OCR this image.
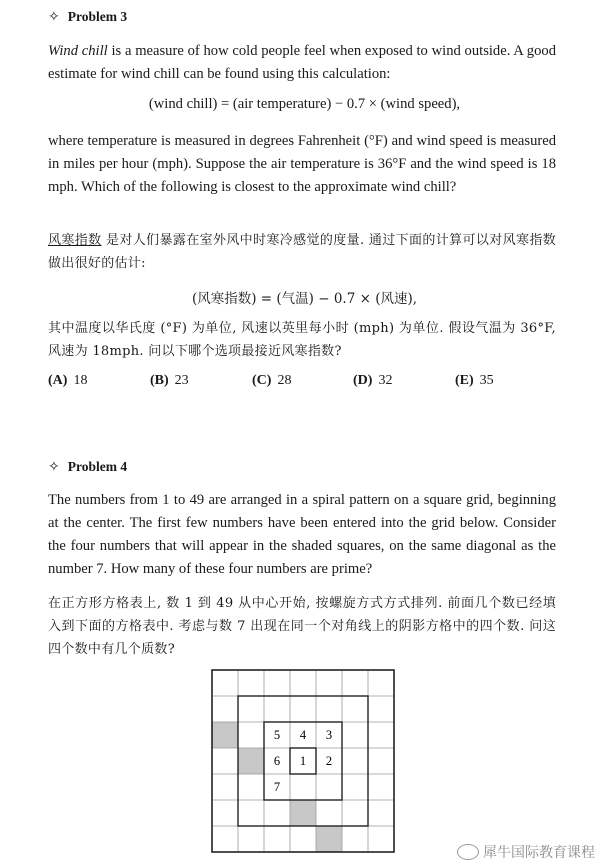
✧ Problem 3
Wind chill is a measure of how cold people feel when exposed to wind outside. A good estimate for wind chill can be found using this calculation:
(wind chill) = (air temperature) − 0.7 × (wind speed),
where temperature is measured in degrees Fahrenheit (°F) and wind speed is measured in miles per hour (mph). Suppose the air temperature is 36°F and the wind speed is 18 mph. Which of the following is closest to the approximate wind chill?
风寒指数 是对人们暴露在室外风中时寒冷感觉的度量. 通过下面的计算可以对风寒指数做出很好的估计:
(风寒指数) = (气温) − 0.7 × (风速),
其中温度以华氏度 (°F) 为单位, 风速以英里每小时 (mph) 为单位. 假设气温为 36°F, 风速为 18mph. 问以下哪个选项最接近风寒指数?
(A) 18	(B) 23	(C) 28	(D) 32	(E) 35
✧ Problem 4
The numbers from 1 to 49 are arranged in a spiral pattern on a square grid, beginning at the center. The first few numbers have been entered into the grid below. Consider the four numbers that will appear in the shaded squares, on the same diagonal as the number 7. How many of these four numbers are prime?
在正方形方格表上, 数 1 到 49 从中心开始, 按螺旋方式方式排列. 前面几个数已经填入到下面的方格表中. 考虑与数 7 出现在同一个对角线上的阴影方格中的四个数. 问这四个数中有几个质数?
5 4 3
6 1 2
7
犀牛国际教育课程
